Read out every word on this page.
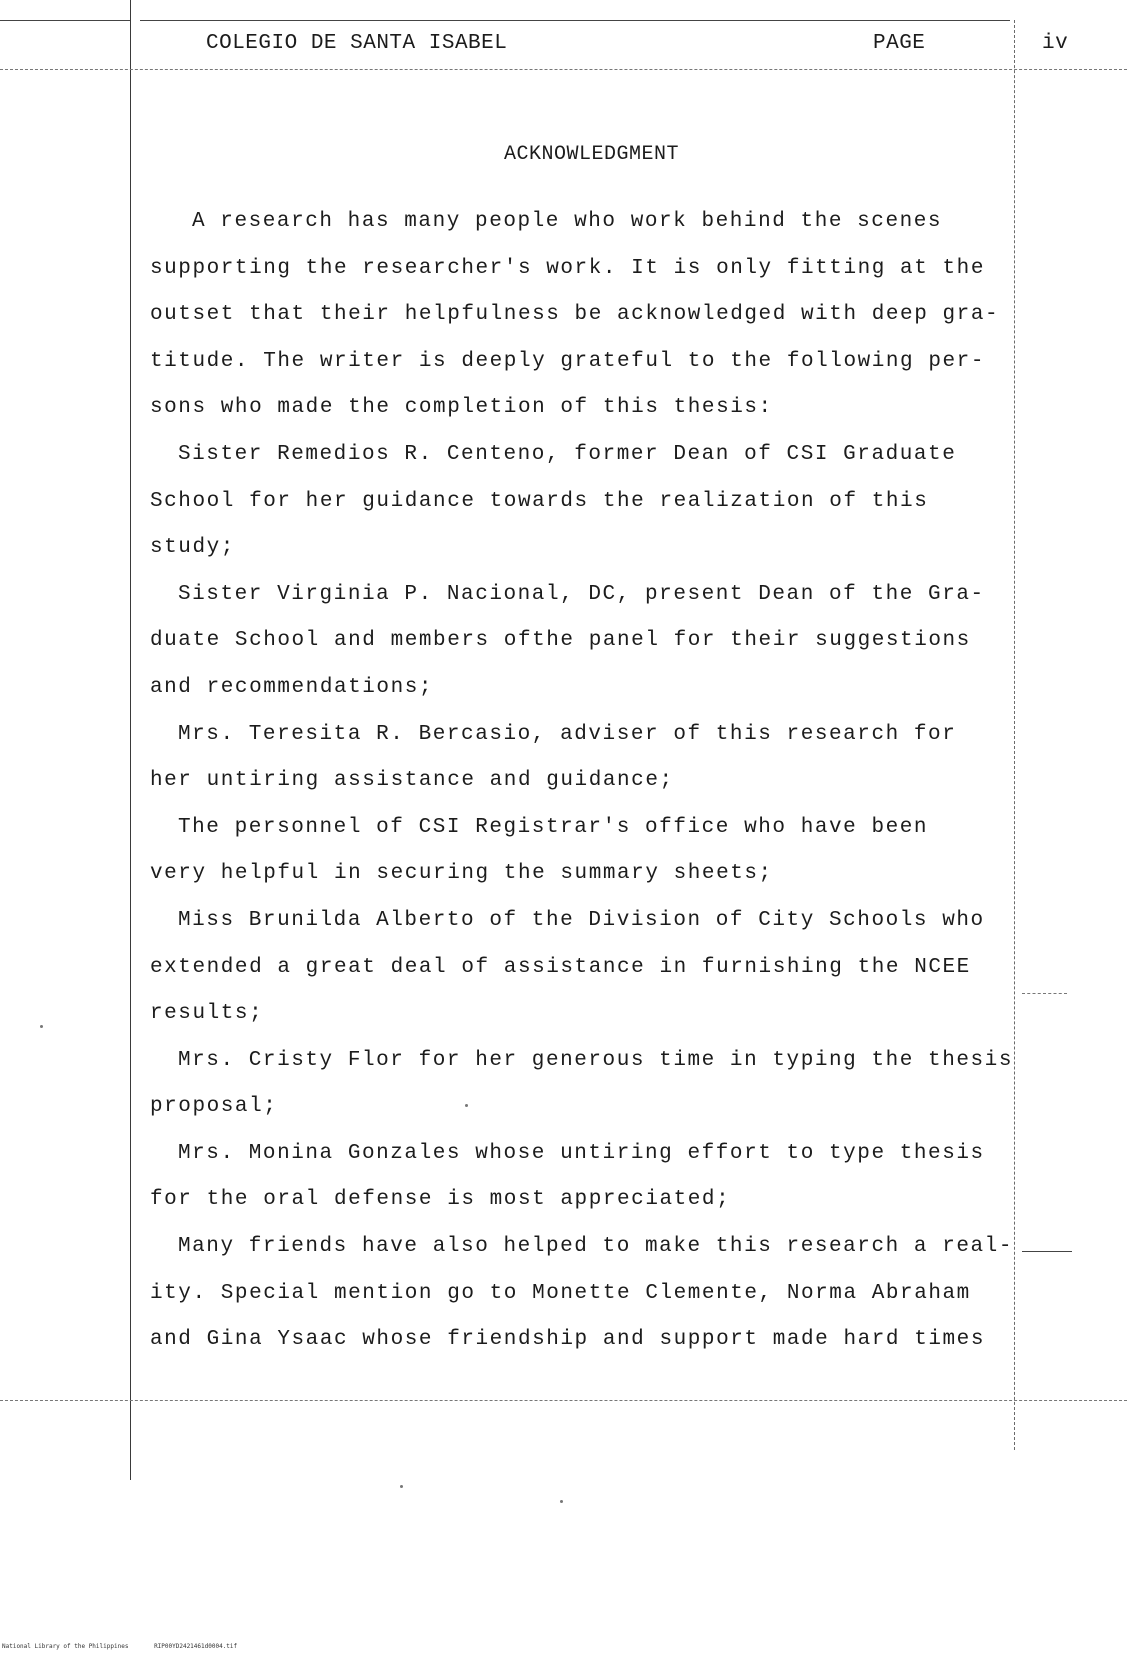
COLEGIO DE SANTA ISABEL	PAGE	iv
ACKNOWLEDGMENT
A research has many people who work behind the scenes
supporting the researcher's work. It is only fitting at the
outset that their helpfulness be acknowledged with deep gra-
titude. The writer is deeply grateful to the following per-
sons who made the completion of this thesis:
Sister Remedios R. Centeno, former Dean of CSI Graduate
School for her guidance towards the realization of this
study;
Sister Virginia P. Nacional, DC, present Dean of the Gra-
duate School and members ofthe panel for their suggestions
and recommendations;
Mrs. Teresita R. Bercasio, adviser of this research for
her untiring assistance and guidance;
The personnel of CSI Registrar's office who have been
very helpful in securing the summary sheets;
Miss Brunilda Alberto of the Division of City Schools who
extended a great deal of assistance in furnishing the NCEE
results;
Mrs. Cristy Flor for her generous time in typing the thesis
proposal;
Mrs. Monina Gonzales whose untiring effort to type thesis
for the oral defense is most appreciated;
Many friends have also helped to make this research a real-
ity. Special mention go to Monette Clemente, Norma Abraham
and Gina Ysaac whose friendship and support made hard times
National Library of the Philippines	RIP00YD2421461d0004.tif
